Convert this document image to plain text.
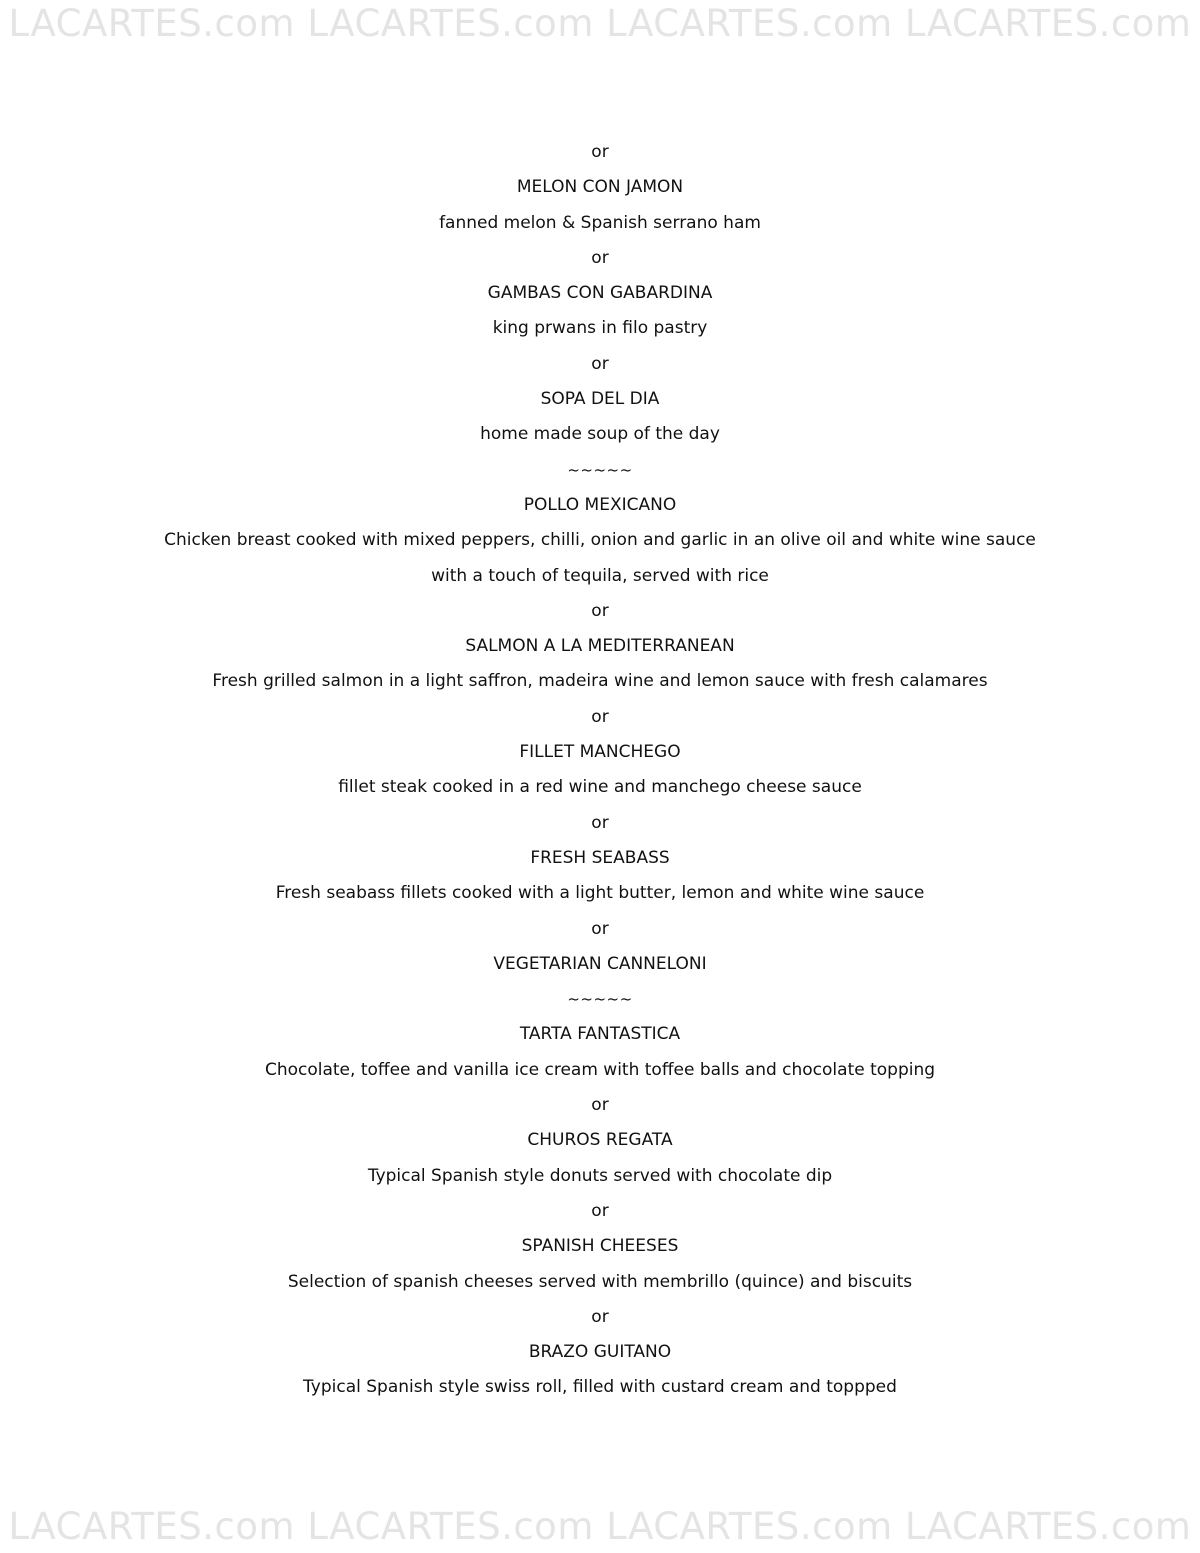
LACARTES.com LACARTES.com LACARTES.com LACARTES.com
or
MELON CON JAMON
fanned melon & Spanish serrano ham
or
GAMBAS CON GABARDINA
king prwans in filo pastry
or
SOPA DEL DIA
home made soup of the day
~~~~~
POLLO MEXICANO
Chicken breast cooked with mixed peppers, chilli, onion and garlic in an olive oil and white wine sauce
with a touch of tequila, served with rice
or
SALMON A LA MEDITERRANEAN
Fresh grilled salmon in a light saffron, madeira wine and lemon sauce with fresh calamares
or
FILLET MANCHEGO
fillet steak cooked in a red wine and manchego cheese sauce
or
FRESH SEABASS
Fresh seabass fillets cooked with a light butter, lemon and white wine sauce
or
VEGETARIAN CANNELONI
~~~~~
TARTA FANTASTICA
Chocolate, toffee and vanilla ice cream with toffee balls and chocolate topping
or
CHUROS REGATA
Typical Spanish style donuts served with chocolate dip
or
SPANISH CHEESES
Selection of spanish cheeses served with membrillo (quince) and biscuits
or
BRAZO GUITANO
Typical Spanish style swiss roll, filled with custard cream and toppped
LACARTES.com LACARTES.com LACARTES.com LACARTES.com
